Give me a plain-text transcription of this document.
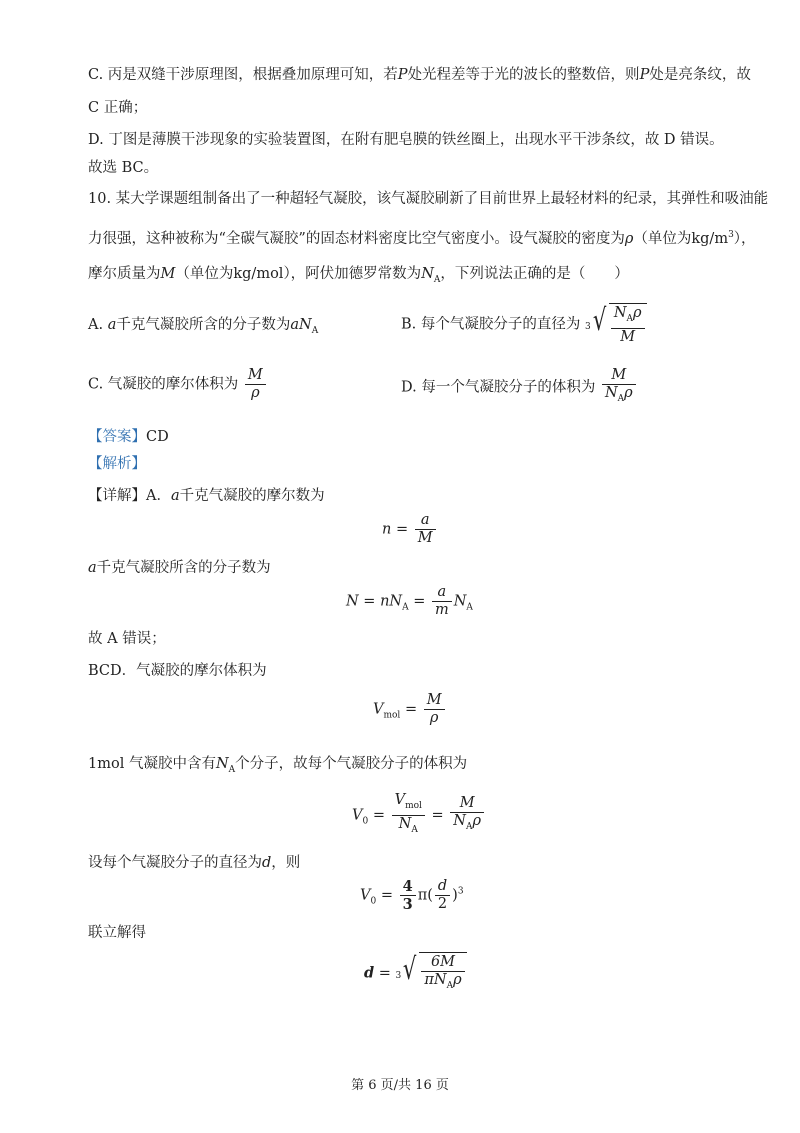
C. 丙是双缝干涉原理图，根据叠加原理可知，若P处光程差等于光的波长的整数倍，则P处是亮条纹，故
C 正确；
D. 丁图是薄膜干涉现象的实验装置图，在附有肥皂膜的铁丝圈上，出现水平干涉条纹，故 D 错误。
故选 BC。
10. 某大学课题组制备出了一种超轻气凝胶，该气凝胶刷新了目前世界上最轻材料的纪录，其弹性和吸油能
力很强，这种被称为“全碳气凝胶”的固态材料密度比空气密度小。设气凝胶的密度为ρ（单位为$kg/m^3$），
摩尔质量为M（单位为kg/mol），阿伏加德罗常数为$N_A$，下列说法正确的是（　　）
A. a千克气凝胶所含的分子数为$aN_A$	B. 每个气凝胶分子的直径为 3 √ $\frac{N_A\rho}{M}$
C. 气凝胶的摩尔体积为 $\frac{M}{\rho}$	D. 每一个气凝胶分子的体积为 $\frac{M}{N_A\rho}$
【答案】CD
【解析】
【详解】A．a千克气凝胶的摩尔数为
$n = \frac{a}{M}$
a千克气凝胶所含的分子数为
$N = nN_A = \frac{a}{m} N_A$
故 A 错误；
BCD．气凝胶的摩尔体积为
$V_{mol} = \frac{M}{\rho}$
1mol 气凝胶中含有$N_A$个分子，故每个气凝胶分子的体积为
$V_0 = \frac{V_{mol}}{N_A} = \frac{M}{N_A\rho}$
设每个气凝胶分子的直径为d，则
$V_0 = \frac{4}{3} \pi( \frac{d}{2} )^3$
联立解得
d = 3 √ $\frac{6M}{\pi N_A\rho}$
第 6 页/共 16 页
